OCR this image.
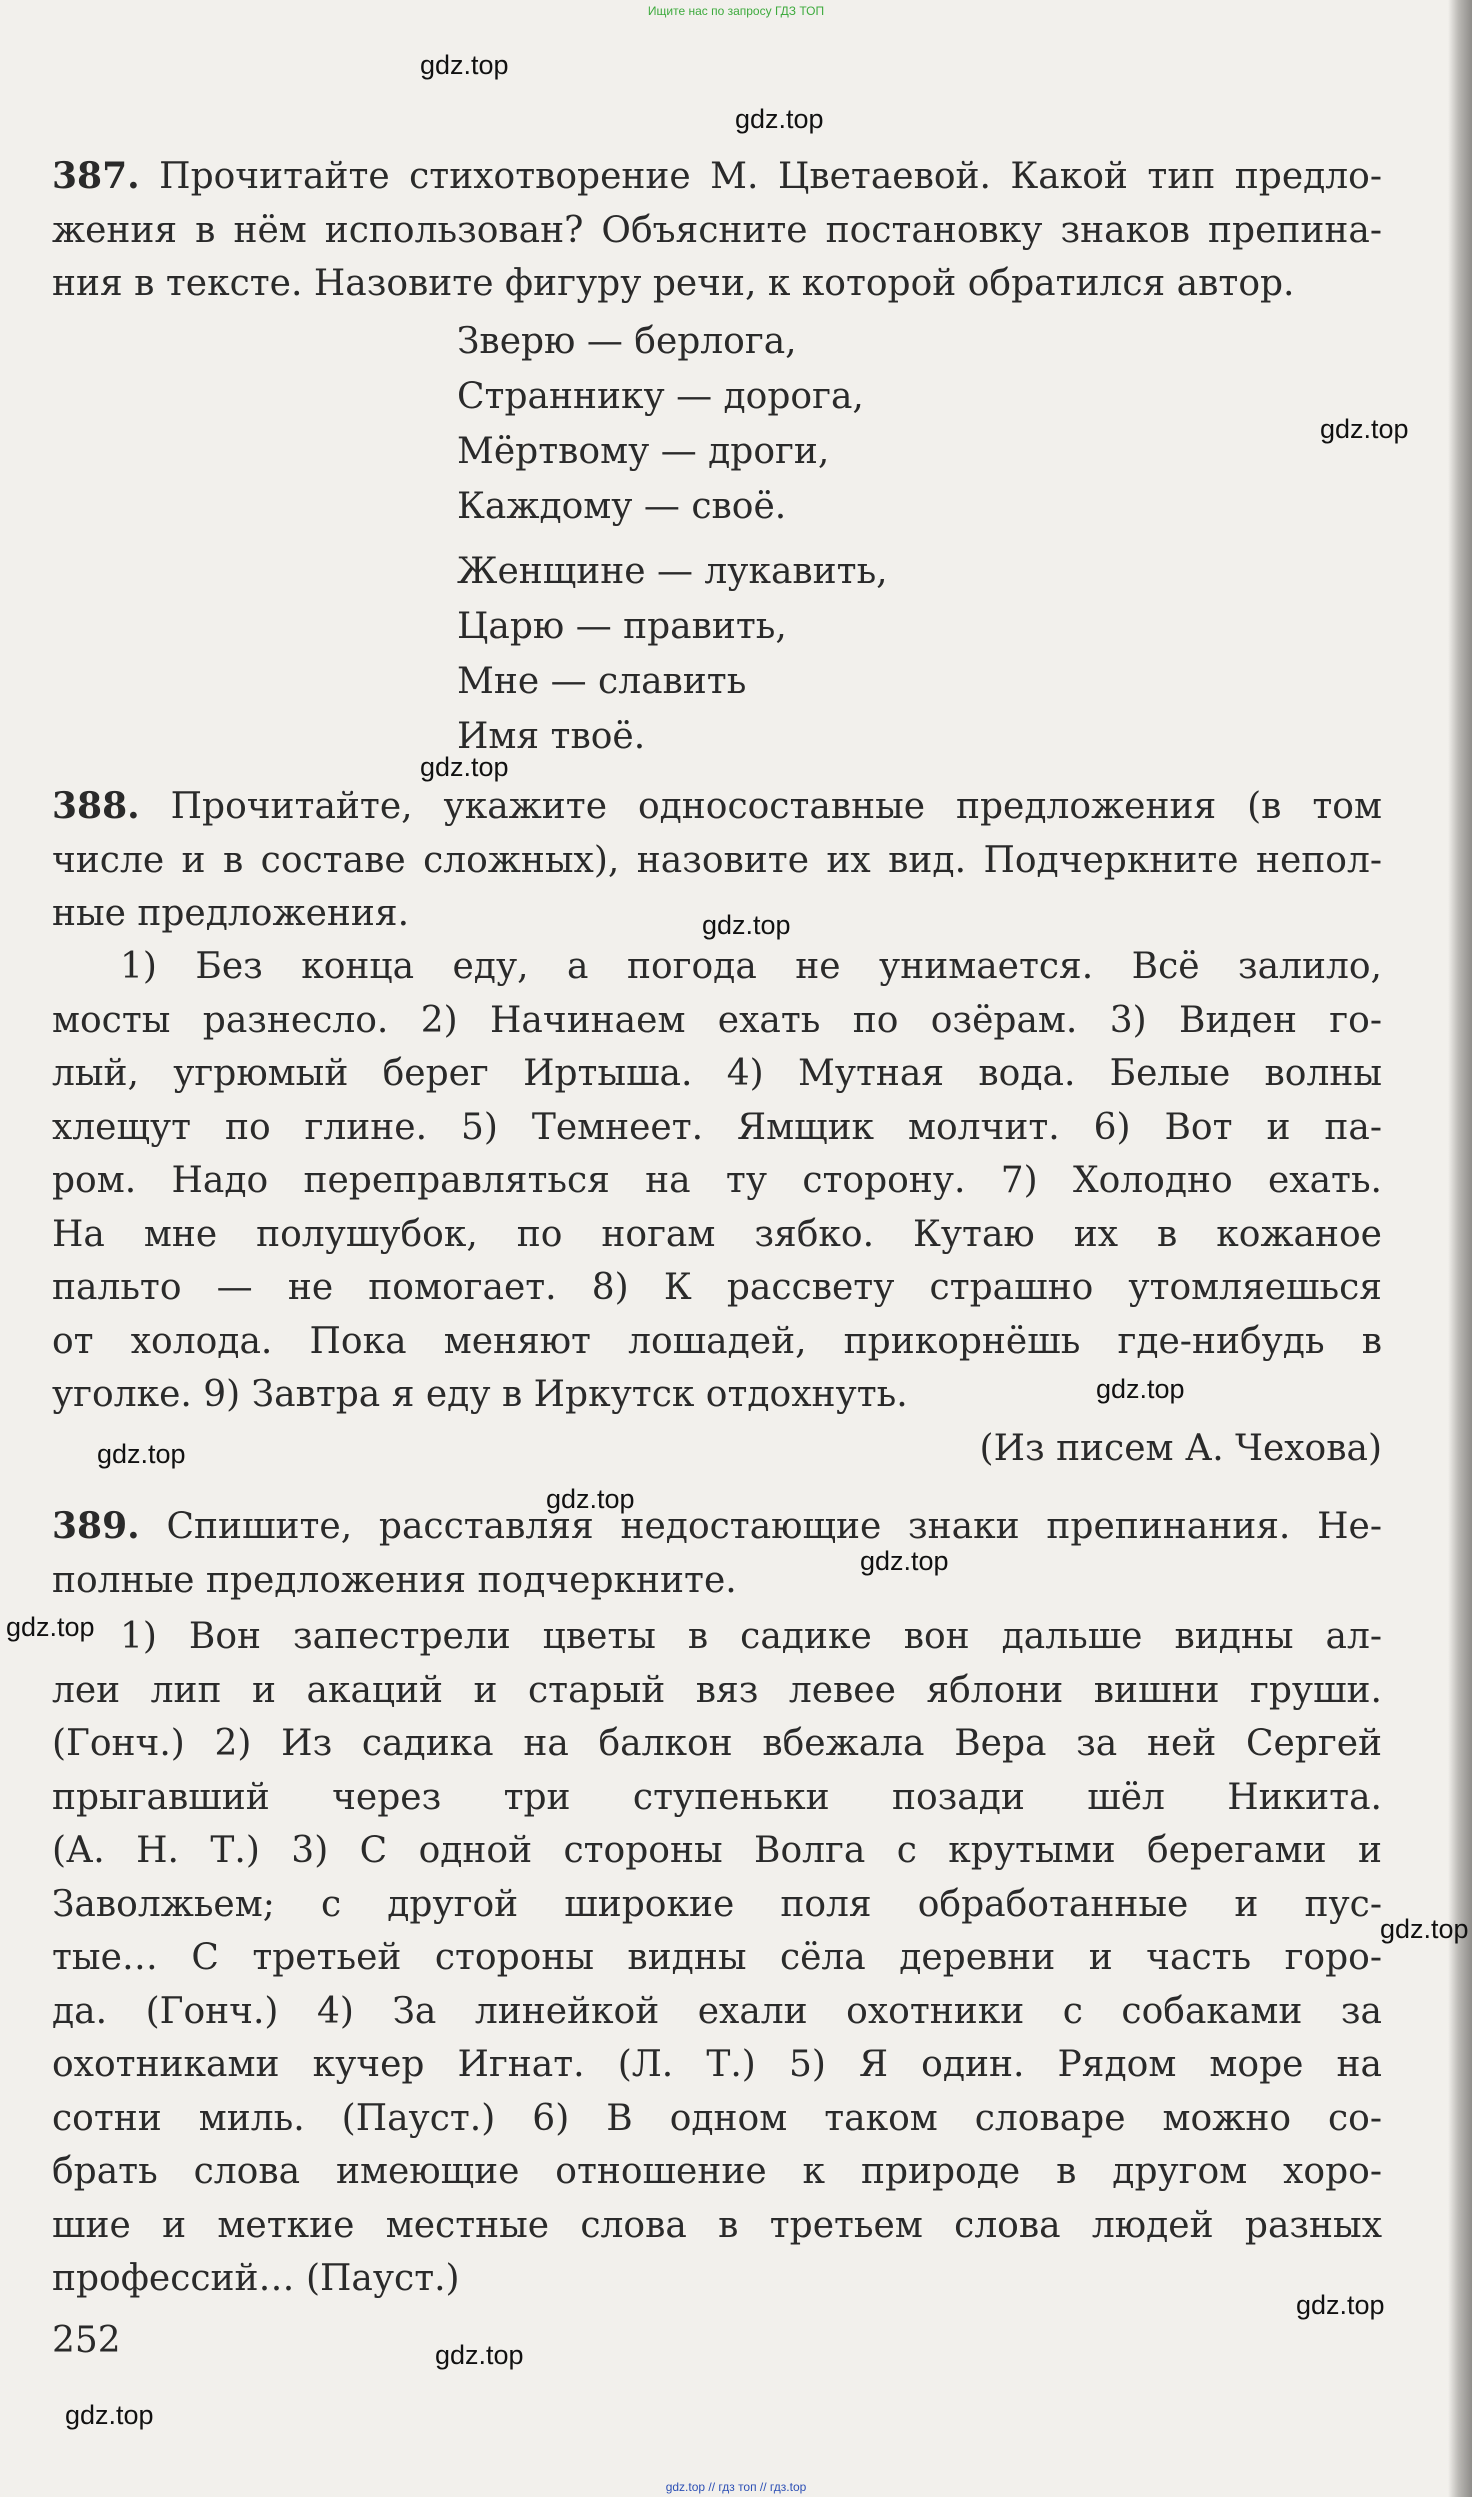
Ищите нас по запросу ГДЗ ТОП
gdz.top
gdz.top
gdz.top
gdz.top
gdz.top
gdz.top
gdz.top
gdz.top
gdz.top
gdz.top
gdz.top
gdz.top
gdz.top
gdz.top
387. Прочитайте стихотворение М. Цветаевой. Какой тип предло-
жения в нём использован? Объясните постановку знаков препина-
ния в тексте. Назовите фигуру речи, к которой обратился автор.
Зверю — берлога,
Страннику — дорога,
Мёртвому — дроги,
Каждому — своё.
Женщине — лукавить,
Царю — править,
Мне — славить
Имя твоё.
388. Прочитайте, укажите односоставные предложения (в том
числе и в составе сложных), назовите их вид. Подчеркните непол-
ные предложения.
1) Без конца еду, а погода не унимается. Всё залило,
мосты разнесло. 2) Начинаем ехать по озёрам. 3) Виден го-
лый, угрюмый берег Иртыша. 4) Мутная вода. Белые волны
хлещут по глине. 5) Темнеет. Ямщик молчит. 6) Вот и па-
ром. Надо переправляться на ту сторону. 7) Холодно ехать.
На мне полушубок, по ногам зябко. Кутаю их в кожаное
пальто — не помогает. 8) К рассвету страшно утомляешься
от холода. Пока меняют лошадей, прикорнёшь где-нибудь в
уголке. 9) Завтра я еду в Иркутск отдохнуть.
(Из писем А. Чехова)
389. Спишите, расставляя недостающие знаки препинания. Не-
полные предложения подчеркните.
1) Вон запестрели цветы в садике вон дальше видны ал-
леи лип и акаций и старый вяз левее яблони вишни груши.
(Гонч.) 2) Из садика на балкон вбежала Вера за ней Сергей
прыгавший через три ступеньки позади шёл Никита.
(А. Н. Т.) 3) С одной стороны Волга с крутыми берегами и
Заволжьем; с другой широкие поля обработанные и пус-
тые… С третьей стороны видны сёла деревни и часть горо-
да. (Гонч.) 4) За линейкой ехали охотники с собаками за
охотниками кучер Игнат. (Л. Т.) 5) Я один. Рядом море на
сотни миль. (Пауст.) 6) В одном таком словаре можно со-
брать слова имеющие отношение к природе в другом хоро-
шие и меткие местные слова в третьем слова людей разных
профессий… (Пауст.)
252
gdz.top // гдз топ // гдз.top
